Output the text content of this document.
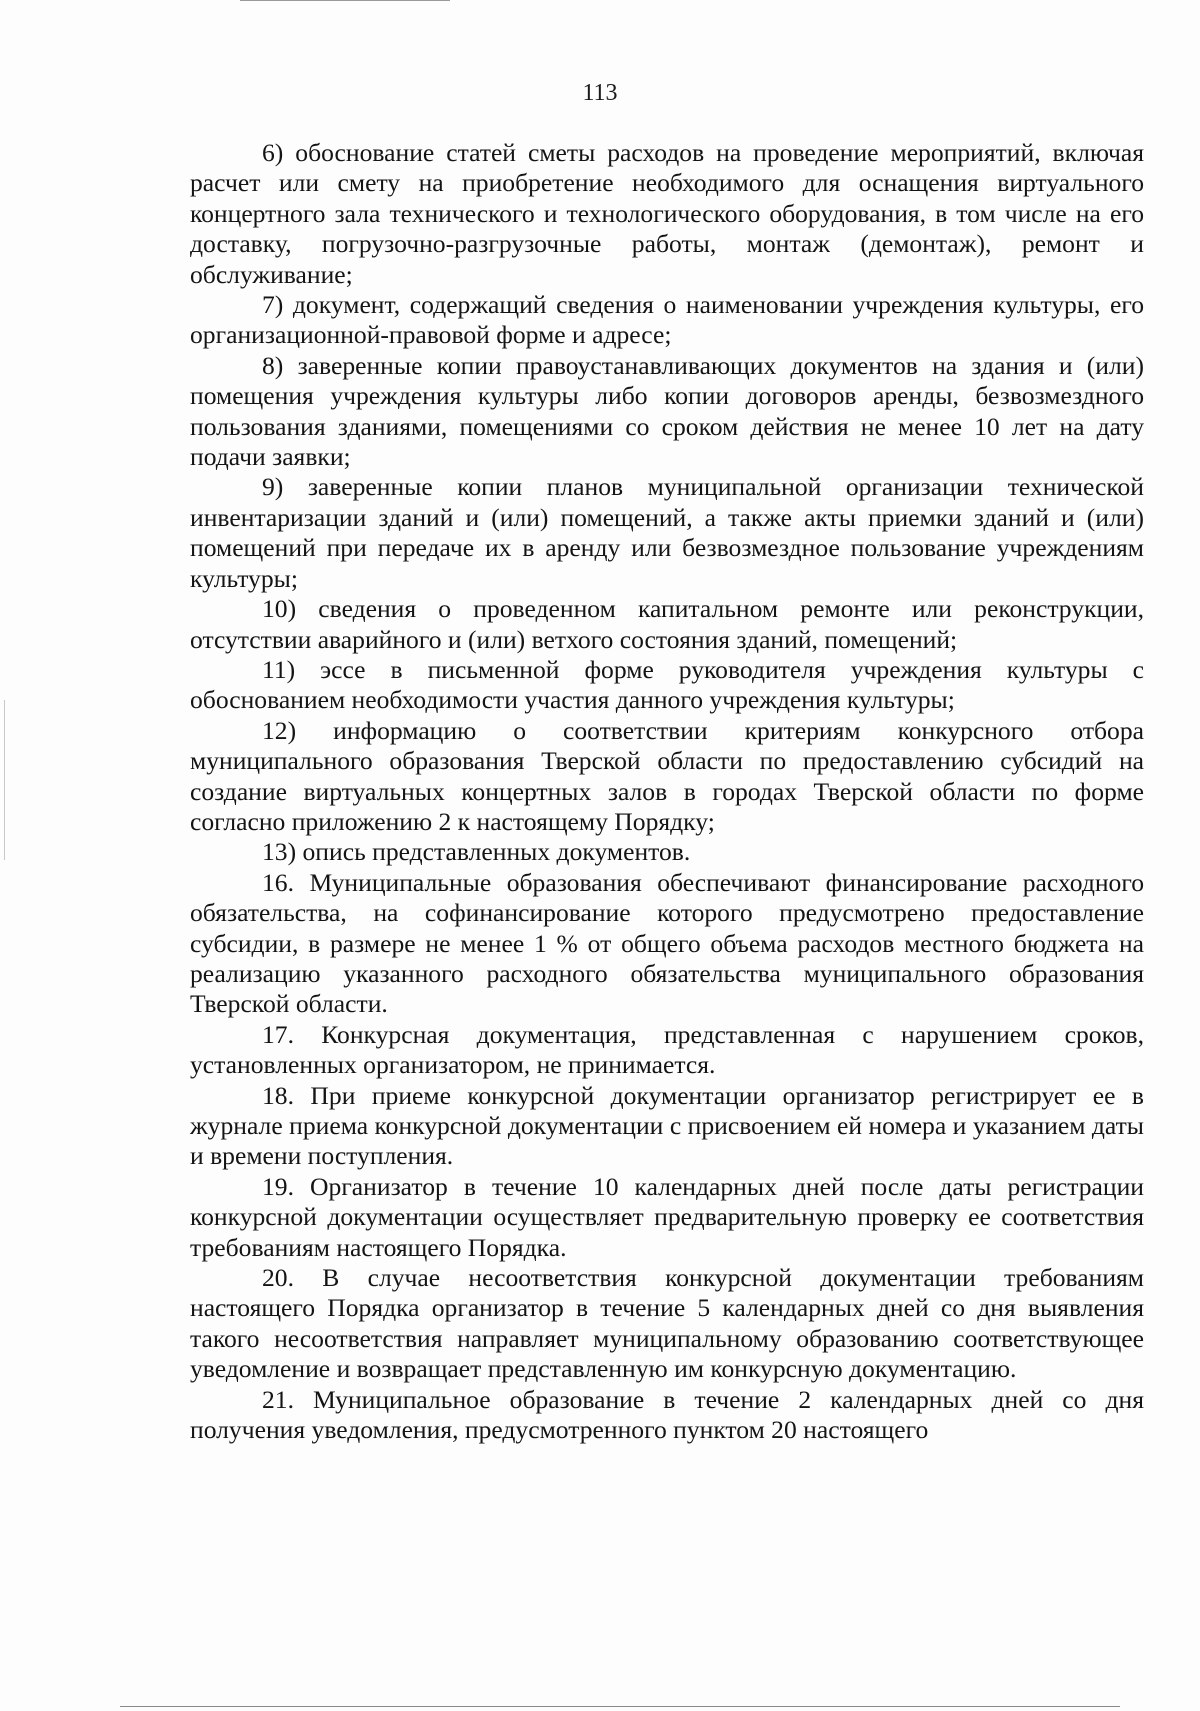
113

6) обоснование статей сметы расходов на проведение мероприятий, включая расчет или смету на приобретение необходимого для оснащения виртуального концертного зала технического и технологического оборудования, в том числе на его доставку, погрузочно-разгрузочные работы, монтаж (демонтаж), ремонт и обслуживание;

7) документ, содержащий сведения о наименовании учреждения культуры, его организационной-правовой форме и адресе;

8) заверенные копии правоустанавливающих документов на здания и (или) помещения учреждения культуры либо копии договоров аренды, безвозмездного пользования зданиями, помещениями со сроком действия не менее 10 лет на дату подачи заявки;

9) заверенные копии планов муниципальной организации технической инвентаризации зданий и (или) помещений, а также акты приемки зданий и (или) помещений при передаче их в аренду или безвозмездное пользование учреждениям культуры;

10) сведения о проведенном капитальном ремонте или реконструкции, отсутствии аварийного и (или) ветхого состояния зданий, помещений;

11) эссе в письменной форме руководителя учреждения культуры с обоснованием необходимости участия данного учреждения культуры;

12) информацию о соответствии критериям конкурсного отбора муниципального образования Тверской области по предоставлению субсидий на создание виртуальных концертных залов в городах Тверской области по форме согласно приложению 2 к настоящему Порядку;

13) опись представленных документов.

16. Муниципальные образования обеспечивают финансирование расходного обязательства, на софинансирование которого предусмотрено предоставление субсидии, в размере не менее 1 % от общего объема расходов местного бюджета на реализацию указанного расходного обязательства муниципального образования Тверской области.

17. Конкурсная документация, представленная с нарушением сроков, установленных организатором, не принимается.

18. При приеме конкурсной документации организатор регистрирует ее в журнале приема конкурсной документации с присвоением ей номера и указанием даты и времени поступления.

19. Организатор в течение 10 календарных дней после даты регистрации конкурсной документации осуществляет предварительную проверку ее соответствия требованиям настоящего Порядка.

20. В случае несоответствия конкурсной документации требованиям настоящего Порядка организатор в течение 5 календарных дней со дня выявления такого несоответствия направляет муниципальному образованию соответствующее уведомление и возвращает представленную им конкурсную документацию.

21. Муниципальное образование в течение 2 календарных дней со дня получения уведомления, предусмотренного пунктом 20 настоящего
